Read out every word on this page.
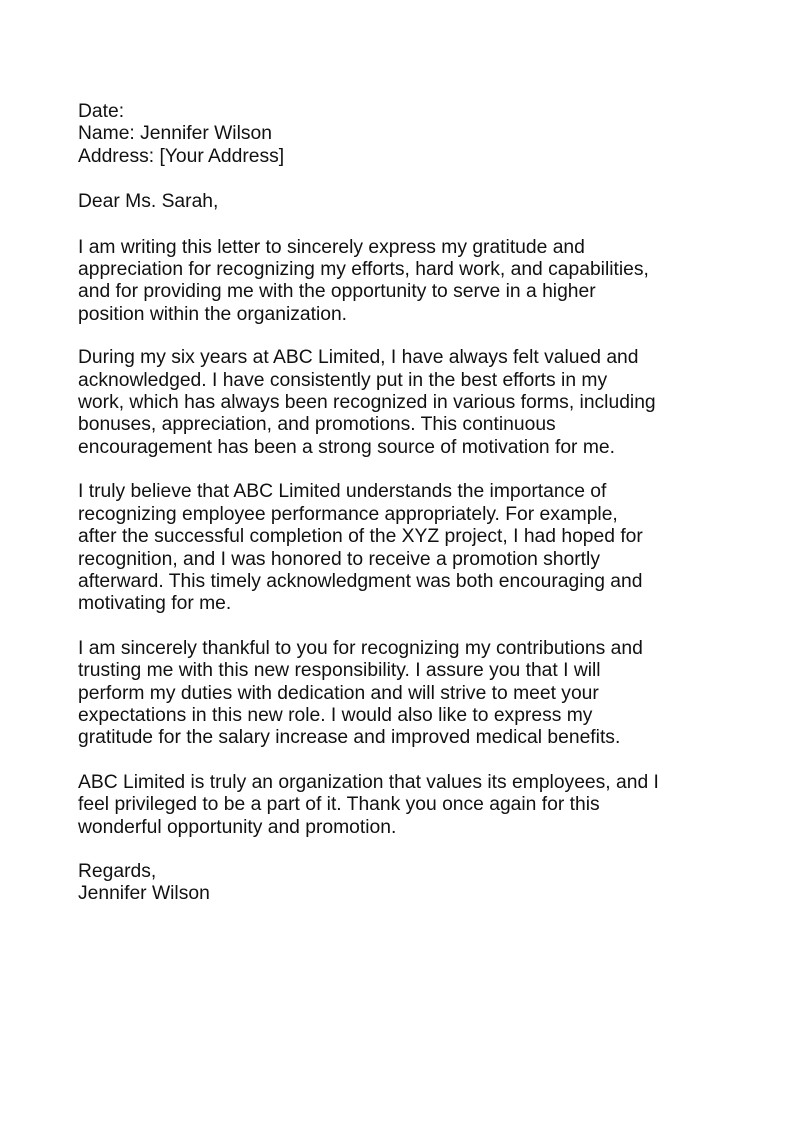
Date:
Name: Jennifer Wilson
Address: [Your Address]
Dear Ms. Sarah,
I am writing this letter to sincerely express my gratitude and
appreciation for recognizing my efforts, hard work, and capabilities,
and for providing me with the opportunity to serve in a higher
position within the organization.
During my six years at ABC Limited, I have always felt valued and
acknowledged. I have consistently put in the best efforts in my
work, which has always been recognized in various forms, including
bonuses, appreciation, and promotions. This continuous
encouragement has been a strong source of motivation for me.
I truly believe that ABC Limited understands the importance of
recognizing employee performance appropriately. For example,
after the successful completion of the XYZ project, I had hoped for
recognition, and I was honored to receive a promotion shortly
afterward. This timely acknowledgment was both encouraging and
motivating for me.
I am sincerely thankful to you for recognizing my contributions and
trusting me with this new responsibility. I assure you that I will
perform my duties with dedication and will strive to meet your
expectations in this new role. I would also like to express my
gratitude for the salary increase and improved medical benefits.
ABC Limited is truly an organization that values its employees, and I
feel privileged to be a part of it. Thank you once again for this
wonderful opportunity and promotion.
Regards,
Jennifer Wilson
